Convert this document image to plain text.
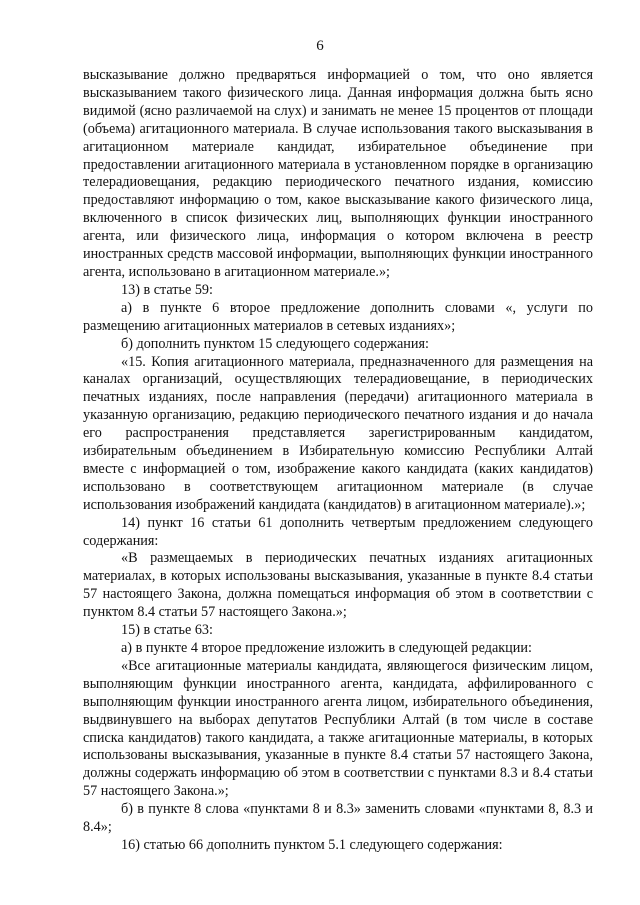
6

высказывание должно предваряться информацией о том, что оно является высказыванием такого физического лица. Данная информация должна быть ясно видимой (ясно различаемой на слух) и занимать не менее 15 процентов от площади (объема) агитационного материала. В случае использования такого высказывания в агитационном материале кандидат, избирательное объединение при предоставлении агитационного материала в установленном порядке в организацию телерадиовещания, редакцию периодического печатного издания, комиссию предоставляют информацию о том, какое высказывание какого физического лица, включенного в список физических лиц, выполняющих функции иностранного агента, или физического лица, информация о котором включена в реестр иностранных средств массовой информации, выполняющих функции иностранного агента, использовано в агитационном материале.»;

13) в статье 59:

а) в пункте 6 второе предложение дополнить словами «, услуги по размещению агитационных материалов в сетевых изданиях»;

б) дополнить пунктом 15 следующего содержания:

«15. Копия агитационного материала, предназначенного для размещения на каналах организаций, осуществляющих телерадиовещание, в периодических печатных изданиях, после направления (передачи) агитационного материала в указанную организацию, редакцию периодического печатного издания и до начала его распространения представляется зарегистрированным кандидатом, избирательным объединением в Избирательную комиссию Республики Алтай вместе с информацией о том, изображение какого кандидата (каких кандидатов) использовано в соответствующем агитационном материале (в случае использования изображений кандидата (кандидатов) в агитационном материале).»;

14) пункт 16 статьи 61 дополнить четвертым предложением следующего содержания:

«В размещаемых в периодических печатных изданиях агитационных материалах, в которых использованы высказывания, указанные в пункте 8.4 статьи 57 настоящего Закона, должна помещаться информация об этом в соответствии с пунктом 8.4 статьи 57 настоящего Закона.»;

15) в статье 63:

а) в пункте 4 второе предложение изложить в следующей редакции:

«Все агитационные материалы кандидата, являющегося физическим лицом, выполняющим функции иностранного агента, кандидата, аффилированного с выполняющим функции иностранного агента лицом, избирательного объединения, выдвинувшего на выборах депутатов Республики Алтай (в том числе в составе списка кандидатов) такого кандидата, а также агитационные материалы, в которых использованы высказывания, указанные в пункте 8.4 статьи 57 настоящего Закона, должны содержать информацию об этом в соответствии с пунктами 8.3 и 8.4 статьи 57 настоящего Закона.»;

б) в пункте 8 слова «пунктами 8 и 8.3» заменить словами «пунктами 8, 8.3 и 8.4»;

16) статью 66 дополнить пунктом 5.1 следующего содержания:
